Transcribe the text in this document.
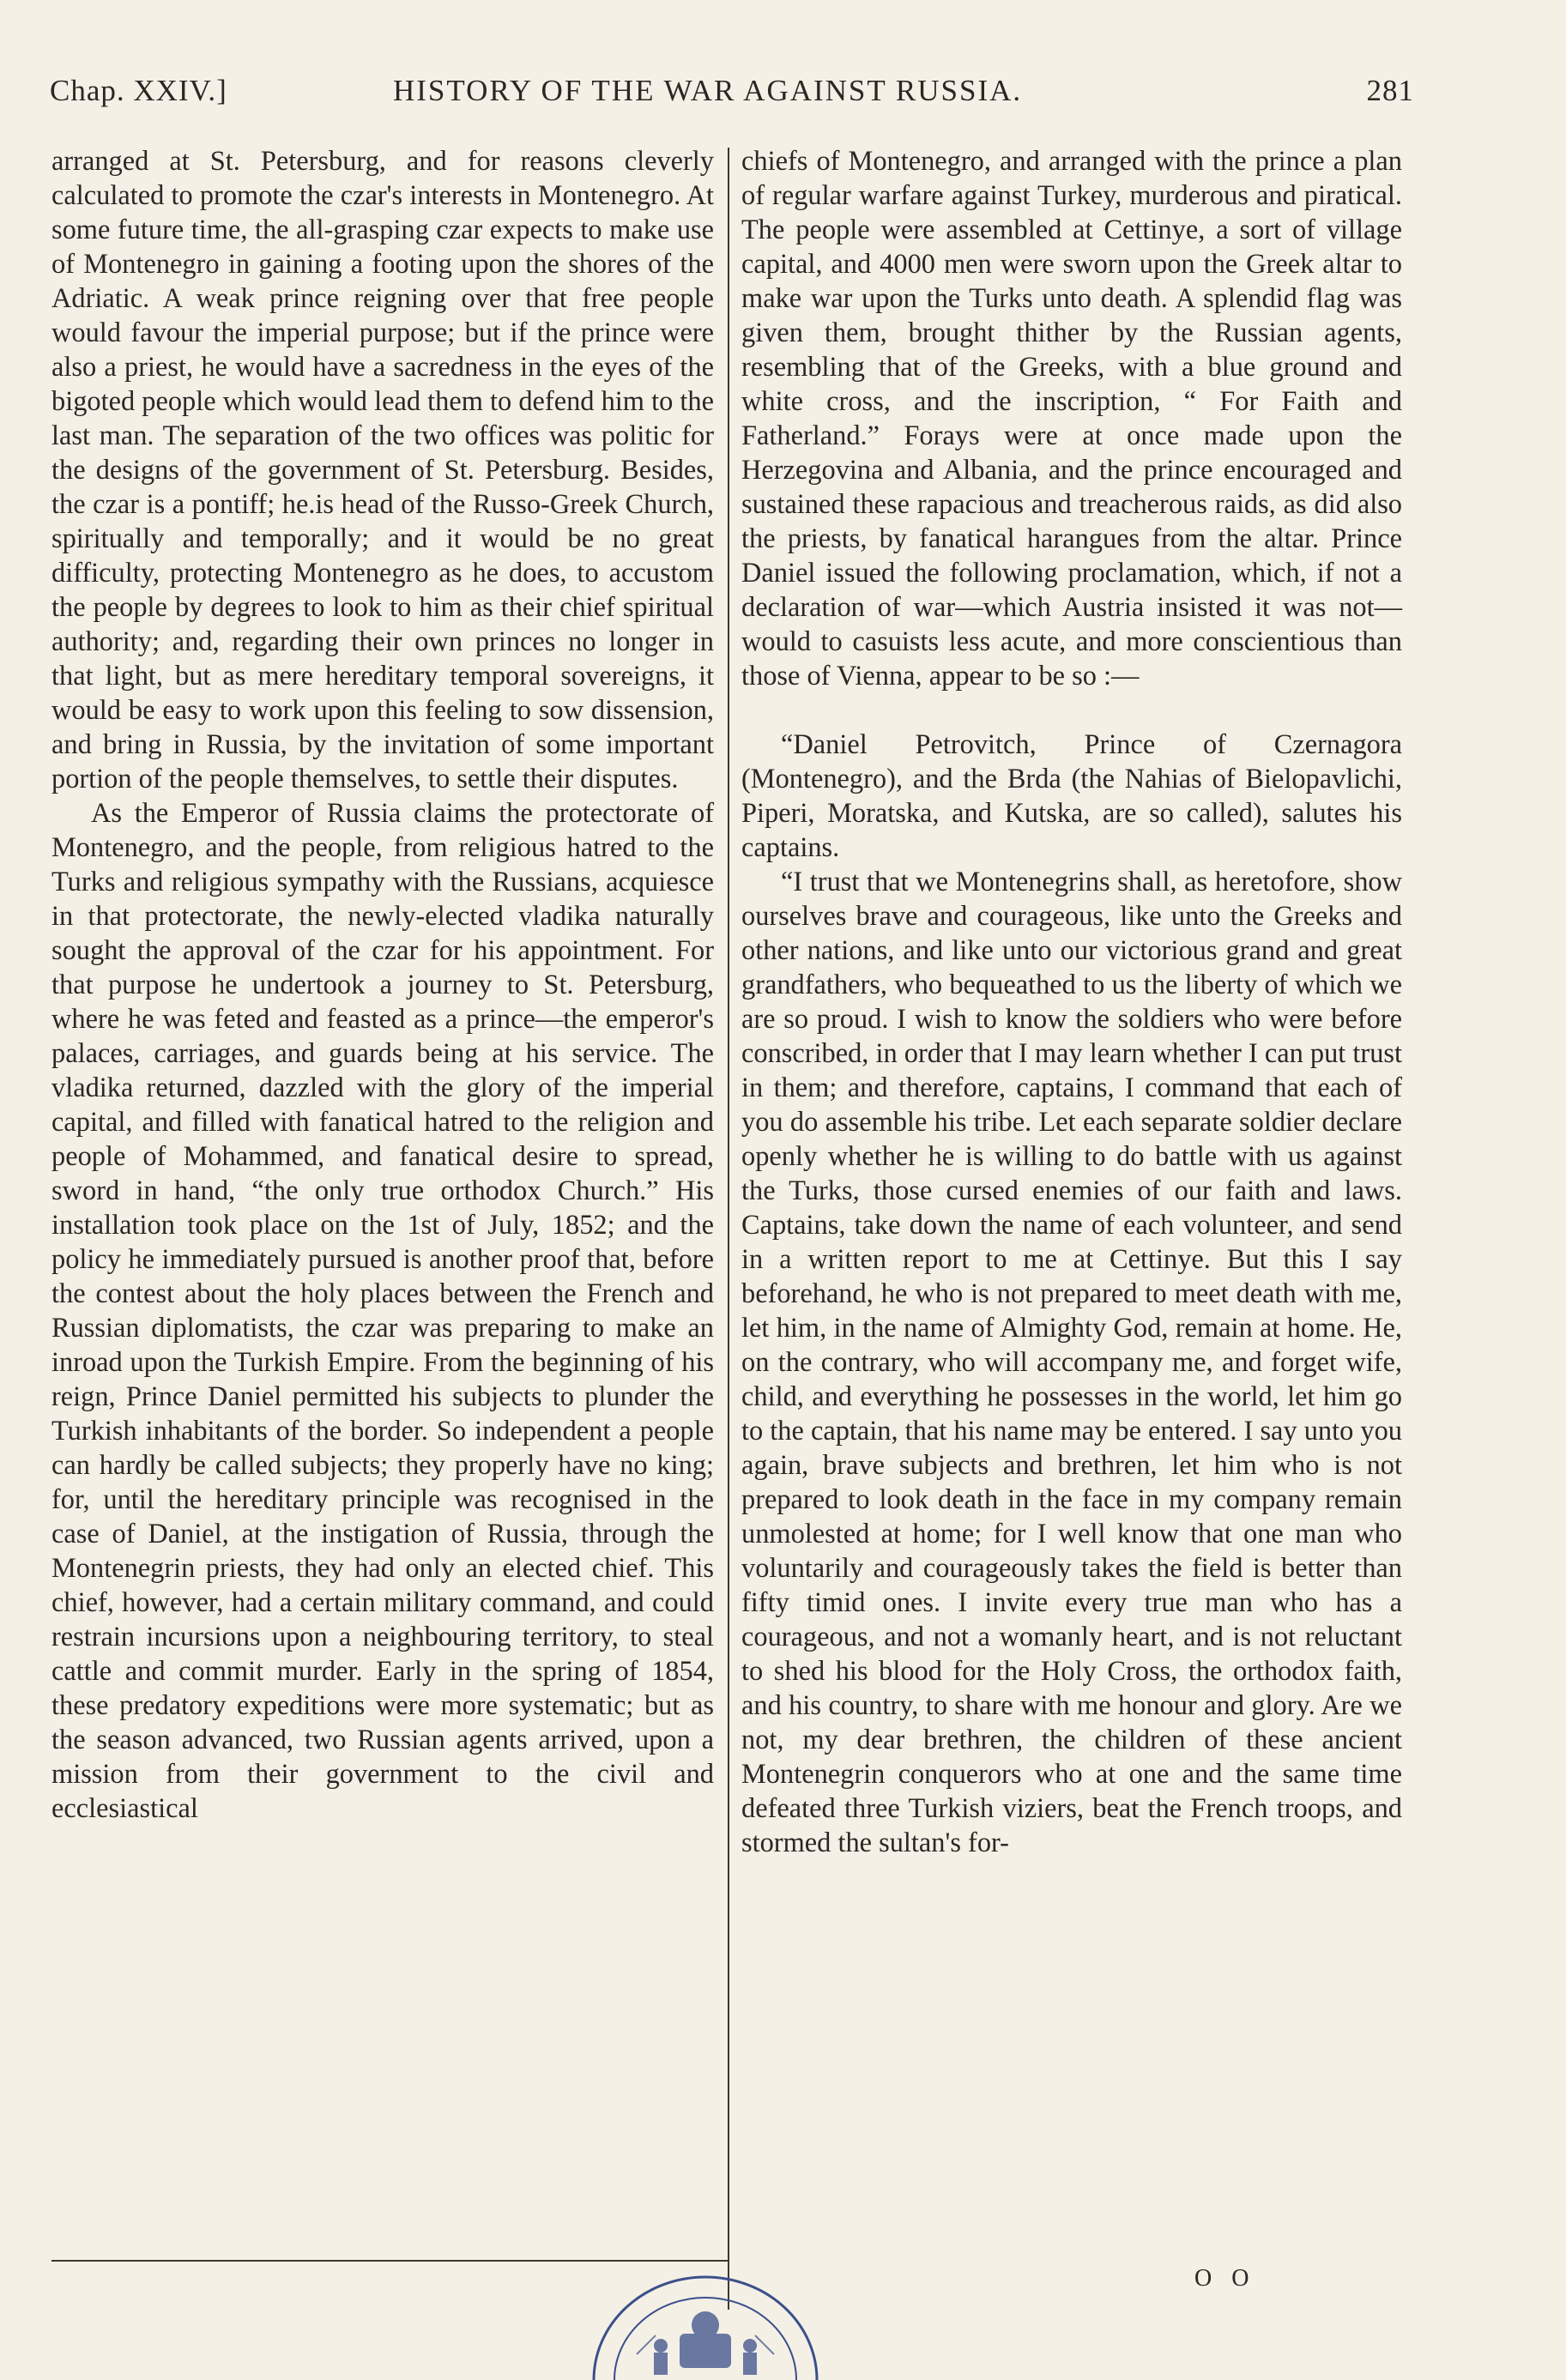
Chap. XXIV.]	HISTORY OF THE WAR AGAINST RUSSIA.	281

arranged at St. Petersburg, and for reasons cleverly calculated to promote the czar's interests in Montenegro. At some future time, the all-grasping czar expects to make use of Montenegro in gaining a footing upon the shores of the Adriatic. A weak prince reigning over that free people would favour the imperial purpose; but if the prince were also a priest, he would have a sacredness in the eyes of the bigoted people which would lead them to defend him to the last man. The separation of the two offices was politic for the designs of the government of St. Petersburg. Besides, the czar is a pontiff; he.is head of the Russo-Greek Church, spiritually and temporally; and it would be no great difficulty, protecting Montenegro as he does, to accustom the people by degrees to look to him as their chief spiritual authority; and, regarding their own princes no longer in that light, but as mere hereditary temporal sovereigns, it would be easy to work upon this feeling to sow dissension, and bring in Russia, by the invitation of some important portion of the people themselves, to settle their disputes.

As the Emperor of Russia claims the protectorate of Montenegro, and the people, from religious hatred to the Turks and religious sympathy with the Russians, acquiesce in that protectorate, the newly-elected vladika naturally sought the approval of the czar for his appointment. For that purpose he undertook a journey to St. Petersburg, where he was feted and feasted as a prince—the emperor's palaces, carriages, and guards being at his service. The vladika returned, dazzled with the glory of the imperial capital, and filled with fanatical hatred to the religion and people of Mohammed, and fanatical desire to spread, sword in hand, “the only true orthodox Church.” His installation took place on the 1st of July, 1852; and the policy he immediately pursued is another proof that, before the contest about the holy places between the French and Russian diplomatists, the czar was preparing to make an inroad upon the Turkish Empire. From the beginning of his reign, Prince Daniel permitted his subjects to plunder the Turkish inhabitants of the border. So independent a people can hardly be called subjects; they properly have no king; for, until the hereditary principle was recognised in the case of Daniel, at the instigation of Russia, through the Montenegrin priests, they had only an elected chief. This chief, however, had a certain military command, and could restrain incursions upon a neighbouring territory, to steal cattle and commit murder. Early in the spring of 1854, these predatory expeditions were more systematic; but as the season advanced, two Russian agents arrived, upon a mission from their government to the civil and ecclesiastical

chiefs of Montenegro, and arranged with the prince a plan of regular warfare against Turkey, murderous and piratical. The people were assembled at Cettinye, a sort of village capital, and 4000 men were sworn upon the Greek altar to make war upon the Turks unto death. A splendid flag was given them, brought thither by the Russian agents, resembling that of the Greeks, with a blue ground and white cross, and the inscription, “ For Faith and Fatherland.” Forays were at once made upon the Herzegovina and Albania, and the prince encouraged and sustained these rapacious and treacherous raids, as did also the priests, by fanatical harangues from the altar. Prince Daniel issued the following proclamation, which, if not a declaration of war—which Austria insisted it was not—would to casuists less acute, and more conscientious than those of Vienna, appear to be so :—

“Daniel Petrovitch, Prince of Czernagora (Montenegro), and the Brda (the Nahias of Bielopavlichi, Piperi, Moratska, and Kutska, are so called), salutes his captains.

“I trust that we Montenegrins shall, as heretofore, show ourselves brave and courageous, like unto the Greeks and other nations, and like unto our victorious grand and great grandfathers, who bequeathed to us the liberty of which we are so proud. I wish to know the soldiers who were before conscribed, in order that I may learn whether I can put trust in them; and therefore, captains, I command that each of you do assemble his tribe. Let each separate soldier declare openly whether he is willing to do battle with us against the Turks, those cursed enemies of our faith and laws. Captains, take down the name of each volunteer, and send in a written report to me at Cettinye. But this I say beforehand, he who is not prepared to meet death with me, let him, in the name of Almighty God, remain at home. He, on the contrary, who will accompany me, and forget wife, child, and everything he possesses in the world, let him go to the captain, that his name may be entered. I say unto you again, brave subjects and brethren, let him who is not prepared to look death in the face in my company remain unmolested at home; for I well know that one man who voluntarily and courageously takes the field is better than fifty timid ones. I invite every true man who has a courageous, and not a womanly heart, and is not reluctant to shed his blood for the Holy Cross, the orthodox faith, and his country, to share with me honour and glory. Are we not, my dear brethren, the children of these ancient Montenegrin conquerors who at one and the same time defeated three Turkish viziers, beat the French troops, and stormed the sultan's for-

O O
